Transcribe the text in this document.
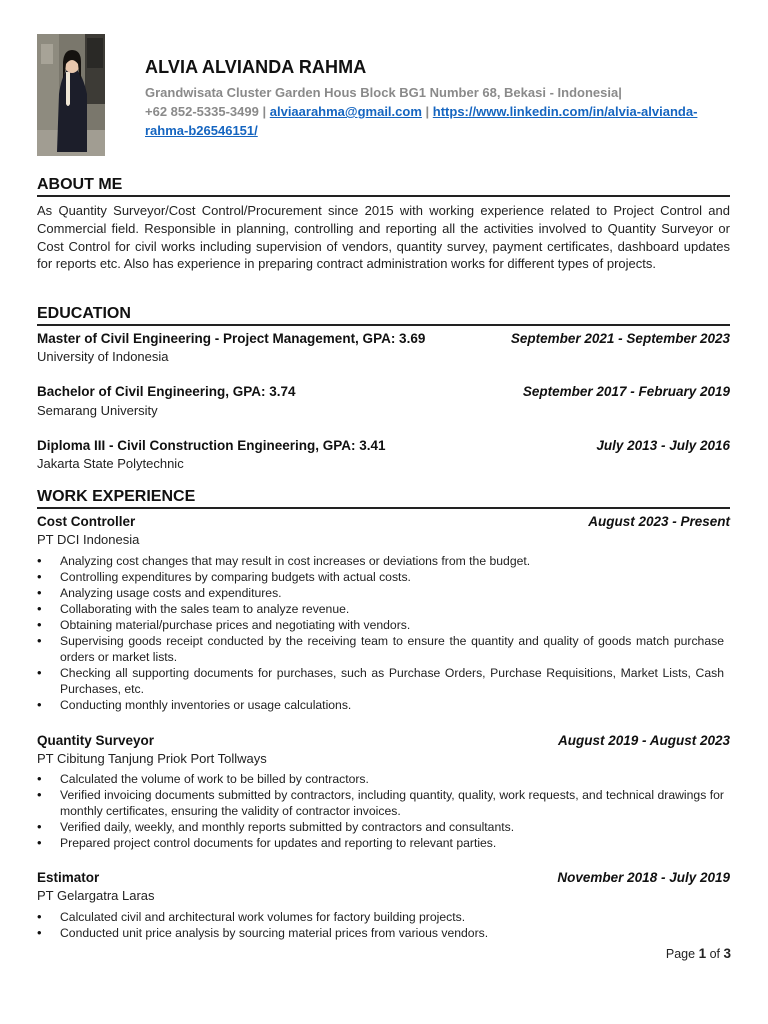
ALVIA ALVIANDA RAHMA
Grandwisata Cluster Garden Hous Block BG1 Number 68, Bekasi - Indonesia|
+62 852-5335-3499 | alviaarahma@gmail.com | https://www.linkedin.com/in/alvia-alvianda-rahma-b26546151/
ABOUT ME
As Quantity Surveyor/Cost Control/Procurement since 2015 with working experience related to Project Control and Commercial field. Responsible in planning, controlling and reporting all the activities involved to Quantity Surveyor or Cost Control for civil works including supervision of vendors, quantity survey, payment certificates, dashboard updates for reports etc. Also has experience in preparing contract administration works for different types of projects.
EDUCATION
Master of Civil Engineering - Project Management, GPA: 3.69	September 2021 - September 2023
University of Indonesia
Bachelor of Civil Engineering, GPA: 3.74	September 2017 - February 2019
Semarang University
Diploma III - Civil Construction Engineering, GPA: 3.41	July 2013 - July 2016
Jakarta State Polytechnic
WORK EXPERIENCE
Cost Controller	August 2023 - Present
PT DCI Indonesia
• Analyzing cost changes that may result in cost increases or deviations from the budget.
• Controlling expenditures by comparing budgets with actual costs.
• Analyzing usage costs and expenditures.
• Collaborating with the sales team to analyze revenue.
• Obtaining material/purchase prices and negotiating with vendors.
• Supervising goods receipt conducted by the receiving team to ensure the quantity and quality of goods match purchase orders or market lists.
• Checking all supporting documents for purchases, such as Purchase Orders, Purchase Requisitions, Market Lists, Cash Purchases, etc.
• Conducting monthly inventories or usage calculations.
Quantity Surveyor	August 2019 - August 2023
PT Cibitung Tanjung Priok Port Tollways
• Calculated the volume of work to be billed by contractors.
• Verified invoicing documents submitted by contractors, including quantity, quality, work requests, and technical drawings for monthly certificates, ensuring the validity of contractor invoices.
• Verified daily, weekly, and monthly reports submitted by contractors and consultants.
• Prepared project control documents for updates and reporting to relevant parties.
Estimator	November 2018 - July 2019
PT Gelargatra Laras
• Calculated civil and architectural work volumes for factory building projects.
• Conducted unit price analysis by sourcing material prices from various vendors.
Page 1 of 3
